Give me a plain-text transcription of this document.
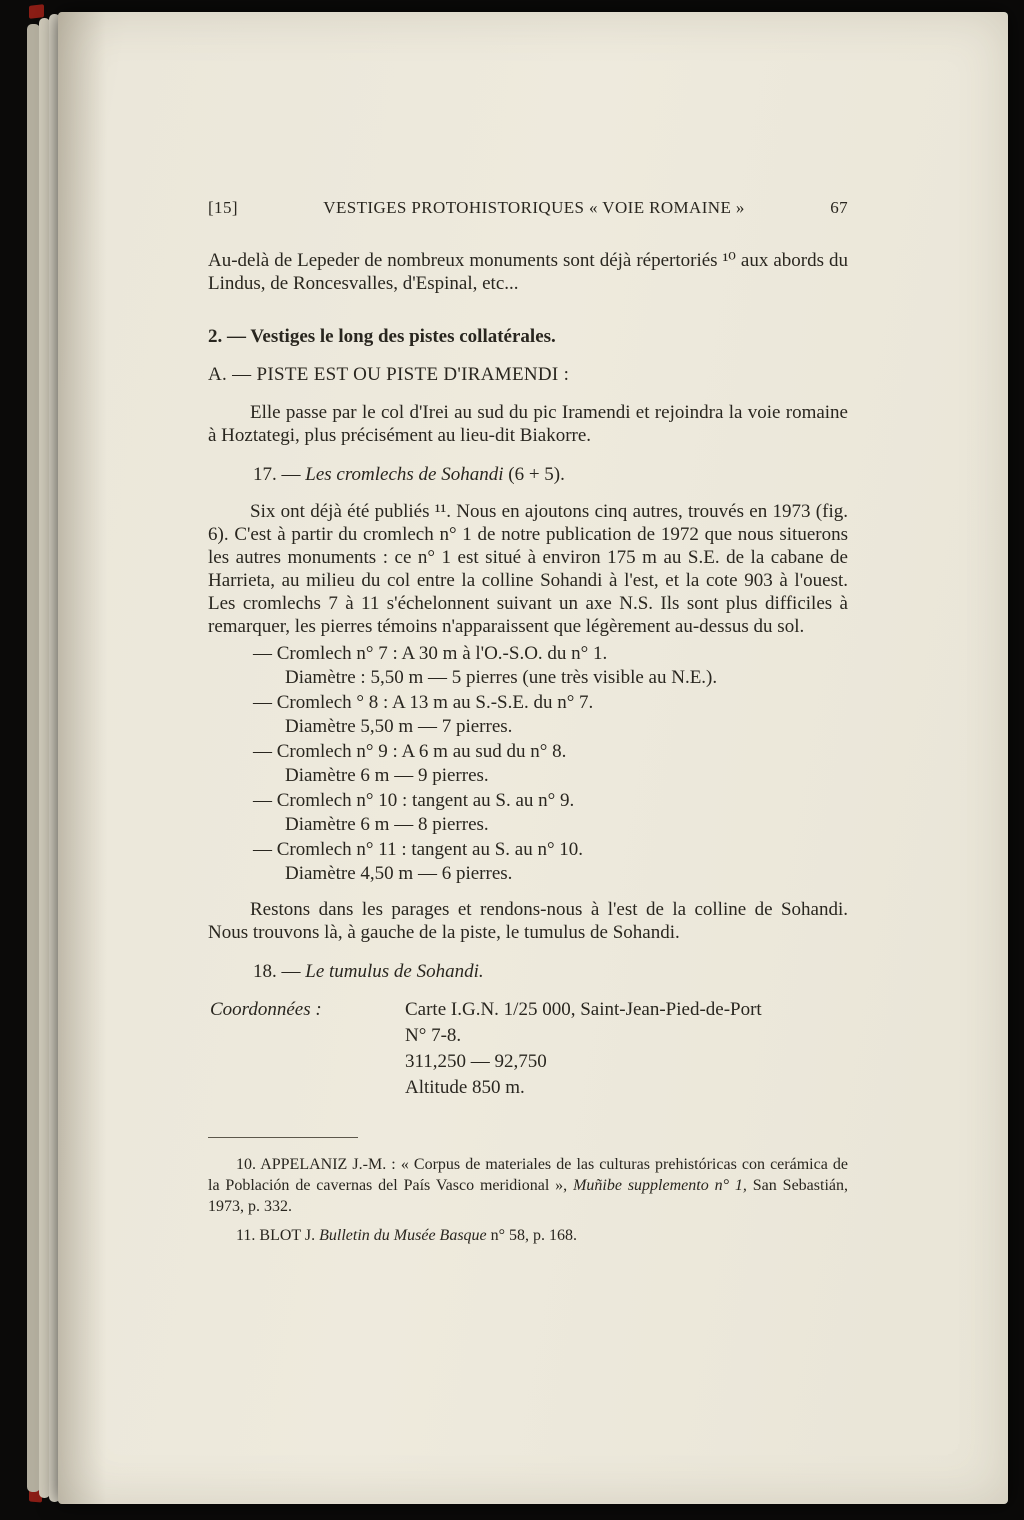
[15]	VESTIGES PROTOHISTORIQUES « VOIE ROMAINE »	67

Au-delà de Lepeder de nombreux monuments sont déjà répertoriés ¹⁰ aux abords du Lindus, de Roncesvalles, d'Espinal, etc...

2. — Vestiges le long des pistes collatérales.

A. — PISTE EST OU PISTE D'IRAMENDI :

Elle passe par le col d'Irei au sud du pic Iramendi et rejoindra la voie romaine à Hoztategi, plus précisément au lieu-dit Biakorre.

17. — Les cromlechs de Sohandi (6 + 5).

Six ont déjà été publiés ¹¹. Nous en ajoutons cinq autres, trouvés en 1973 (fig. 6). C'est à partir du cromlech n° 1 de notre publication de 1972 que nous situerons les autres monuments : ce n° 1 est situé à environ 175 m au S.E. de la cabane de Harrieta, au milieu du col entre la colline Sohandi à l'est, et la cote 903 à l'ouest. Les cromlechs 7 à 11 s'échelonnent suivant un axe N.S. Ils sont plus difficiles à remarquer, les pierres témoins n'apparaissent que légèrement au-dessus du sol.

— Cromlech n° 7 : A 30 m à l'O.-S.O. du n° 1.
Diamètre : 5,50 m — 5 pierres (une très visible au N.E.).
— Cromlech ° 8 : A 13 m au S.-S.E. du n° 7.
Diamètre 5,50 m — 7 pierres.
— Cromlech n° 9 : A 6 m au sud du n° 8.
Diamètre 6 m — 9 pierres.
— Cromlech n° 10 : tangent au S. au n° 9.
Diamètre 6 m — 8 pierres.
— Cromlech n° 11 : tangent au S. au n° 10.
Diamètre 4,50 m — 6 pierres.

Restons dans les parages et rendons-nous à l'est de la colline de Sohandi. Nous trouvons là, à gauche de la piste, le tumulus de Sohandi.

18. — Le tumulus de Sohandi.

Coordonnées :	Carte I.G.N. 1/25 000, Saint-Jean-Pied-de-Port
N° 7-8.
311,250 — 92,750
Altitude 850 m.

10. APPELANIZ J.-M. : « Corpus de materiales de las culturas prehistóricas con cerámica de la Población de cavernas del País Vasco meridional », Muñibe supplemento n° 1, San Sebastián, 1973, p. 332.

11. BLOT J. Bulletin du Musée Basque n° 58, p. 168.
